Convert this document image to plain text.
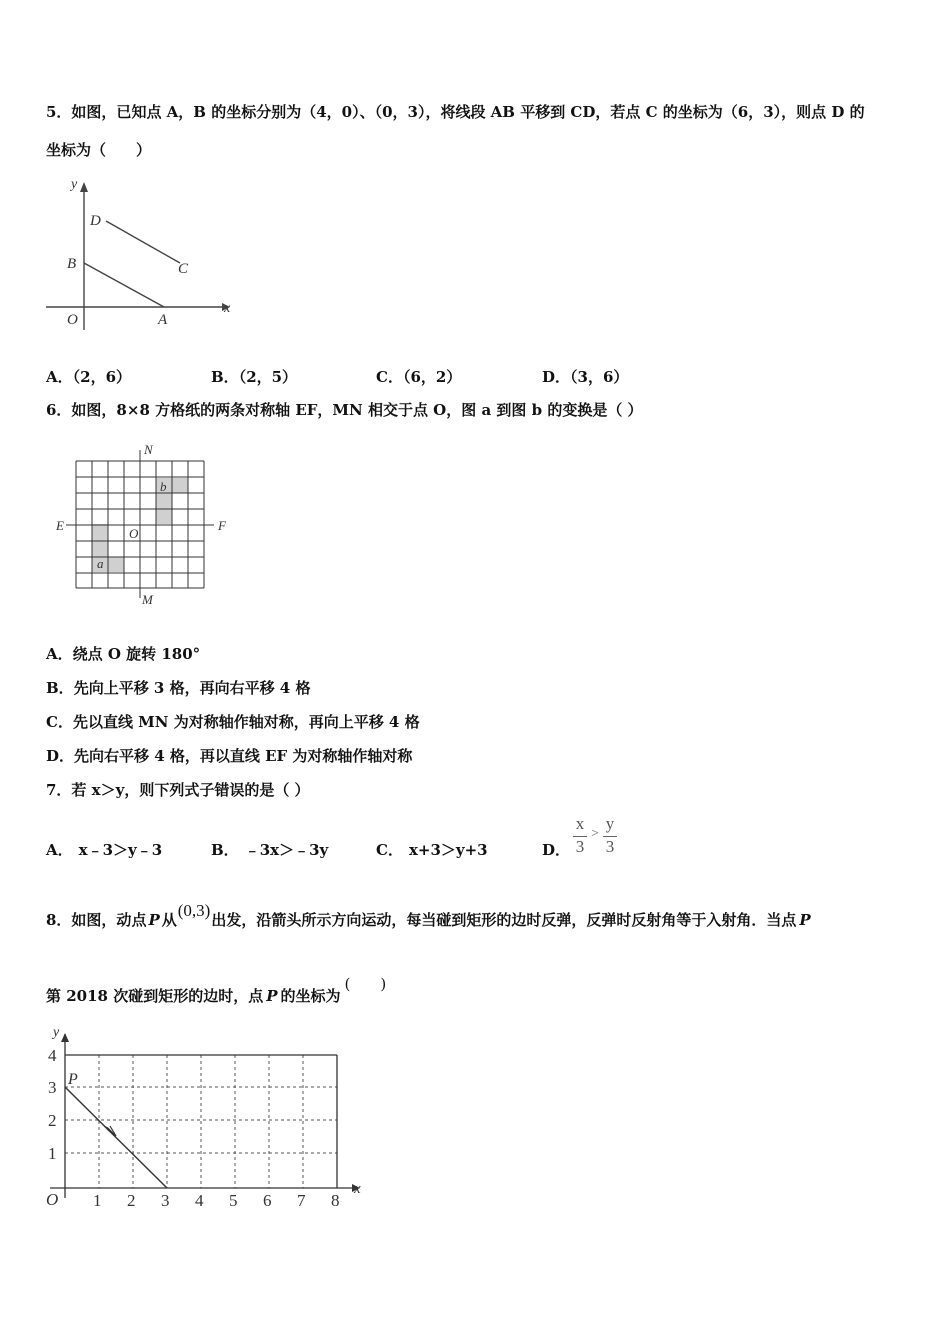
5．如图，已知点 A，B 的坐标分别为（4，0）、（0，3），将线段 AB 平移到 CD，若点 C 的坐标为（6，3），则点 D 的
坐标为（　　）
y
x
O	A
B	C
D
A．（2，6）	B．（2，5）	C．（6，2）	D．（3，6）
6．如图，8×8 方格纸的两条对称轴 EF，MN 相交于点 O，图 a 到图 b 的变换是（ ）
N
M
E	F
O
a
b
A．绕点 O 旋转 180°
B．先向上平移 3 格，再向右平移 4 格
C．先以直线 MN 为对称轴作轴对称，再向上平移 4 格
D．先向右平移 4 格，再以直线 EF 为对称轴作轴对称
7．若 x＞y，则下列式子错误的是（ ）
A． x﹣3＞y﹣3	B． ﹣3x＞﹣3y	C． x+3＞y+3	D．
x
3
> y
3
8．如图，动点 P 从(0,3)出发，沿箭头所示方向运动，每当碰到矩形的边时反弹，反弹时反射角等于入射角．当点 P
第 2018 次碰到矩形的边时，点 P 的坐标为(　　)
y
x
O
P
1 2 3 4 5 6 7 8
1
2
3
4
